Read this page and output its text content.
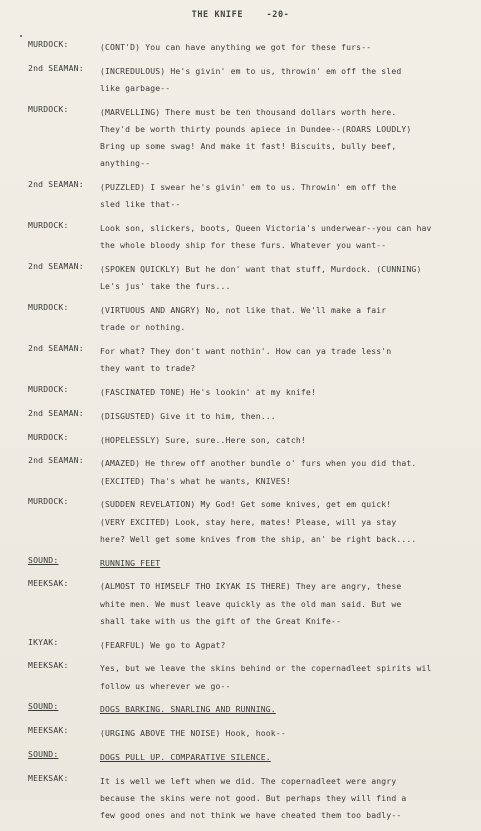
THE KNIFE	-20-
MURDOCK:	(CONT'D) You can have anything we got for these furs--
2nd SEAMAN:	(INCREDULOUS) He's givin' em to us, throwin' em off the sled
like garbage--
MURDOCK:	(MARVELLING) There must be ten thousand dollars worth here.
They'd be worth thirty pounds apiece in Dundee--(ROARS LOUDLY)
Bring up some swag! And make it fast! Biscuits, bully beef,
anything--
2nd SEAMAN:	(PUZZLED) I swear he's givin' em to us. Throwin' em off the
sled like that--
MURDOCK:	Look son, slickers, boots, Queen Victoria's underwear--you can hav
the whole bloody ship for these furs. Whatever you want--
2nd SEAMAN:	(SPOKEN QUICKLY) But he don' want that stuff, Murdock. (CUNNING)
Le's jus' take the furs...
MURDOCK:	(VIRTUOUS AND ANGRY) No, not like that. We'll make a fair
trade or nothing.
2nd SEAMAN:	For what? They don't want nothin'. How can ya trade less'n
they want to trade?
MURDOCK:	(FASCINATED TONE) He's lookin' at my knife!
2nd SEAMAN:	(DISGUSTED) Give it to him, then...
MURDOCK:	(HOPELESSLY) Sure, sure..Here son, catch!
2nd SEAMAN:	(AMAZED) He threw off another bundle o' furs when you did that.
(EXCITED) Tha's what he wants, KNIVES!
MURDOCK:	(SUDDEN REVELATION) My God! Get some knives, get em quick!
(VERY EXCITED) Look, stay here, mates! Please, will ya stay
here? Well get some knives from the ship, an' be right back....
SOUND:	RUNNING FEET
MEEKSAK:	(ALMOST TO HIMSELF THO IKYAK IS THERE) They are angry, these
white men. We must leave quickly as the old man said. But we
shall take with us the gift of the Great Knife--
IKYAK:	(FEARFUL) We go to Agpat?
MEEKSAK:	Yes, but we leave the skins behind or the copernadleet spirits wil
follow us wherever we go--
SOUND:	DOGS BARKING. SNARLING AND RUNNING.
MEEKSAK:	(URGING ABOVE THE NOISE) Hook, hook--
SOUND:	DOGS PULL UP. COMPARATIVE SILENCE.
MEEKSAK:	It is well we left when we did. The copernadleet were angry
because the skins were not good. But perhaps they will find a
few good ones and not think we have cheated them too badly--
